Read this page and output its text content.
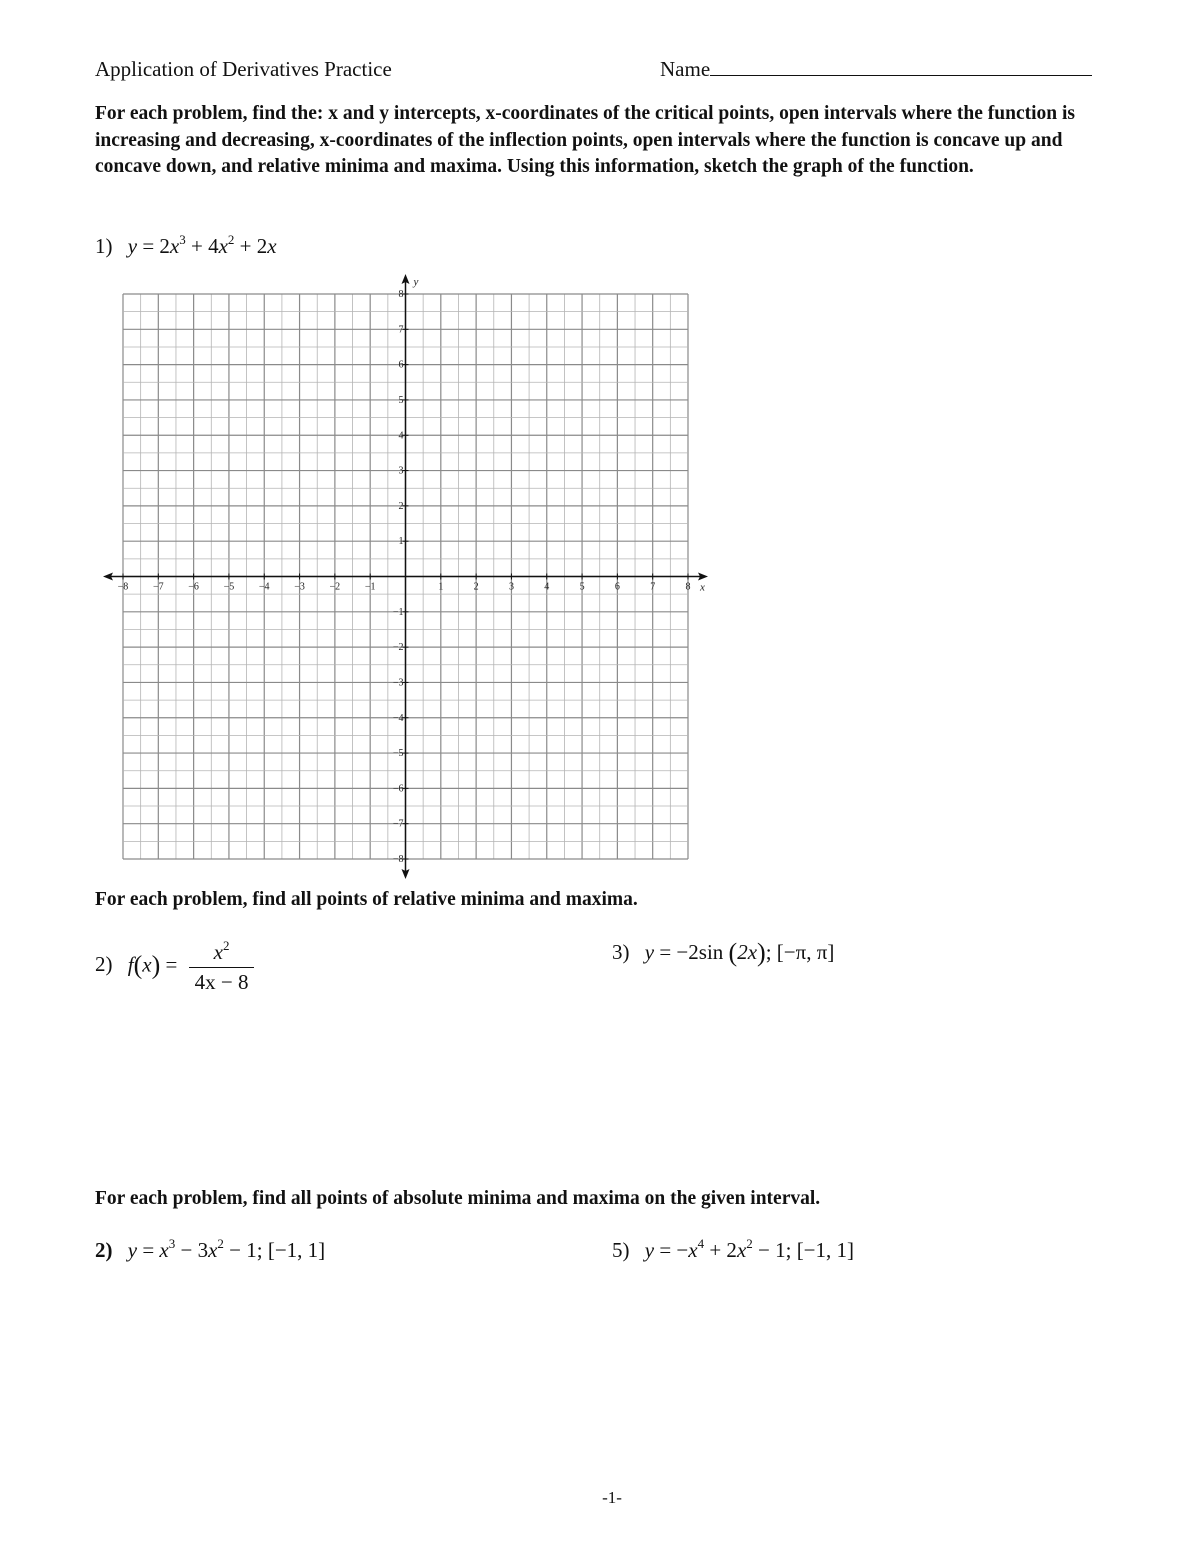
Application of Derivatives Practice	Name
For each problem, find the: x and y intercepts, x-coordinates of the critical points, open intervals where the function is increasing and decreasing, x-coordinates of the inflection points, open intervals where the function is concave up and concave down, and relative minima and maxima. Using this information, sketch the graph of the function.
1) $y = 2x^3 + 4x^2 + 2x$
−8 −7 −6 −5 −4 −3 −2 −1	1	2	3	4	5	6	7	8
8
7
6
5
4
3
2
1
−1
−2
−3
−4
−5
−6
−7
−8
x
y
For each problem, find all points of relative minima and maxima.
2) $f(x) = \frac{x^2}{4x - 8}$	3) y = −2sin (2x); [−π, π]
For each problem, find all points of absolute minima and maxima on the given interval.
2) $y = x^3 - 3x^2 - 1$; [−1, 1]	5) $y = -x^4 + 2x^2 - 1$; [−1, 1]
-1-
